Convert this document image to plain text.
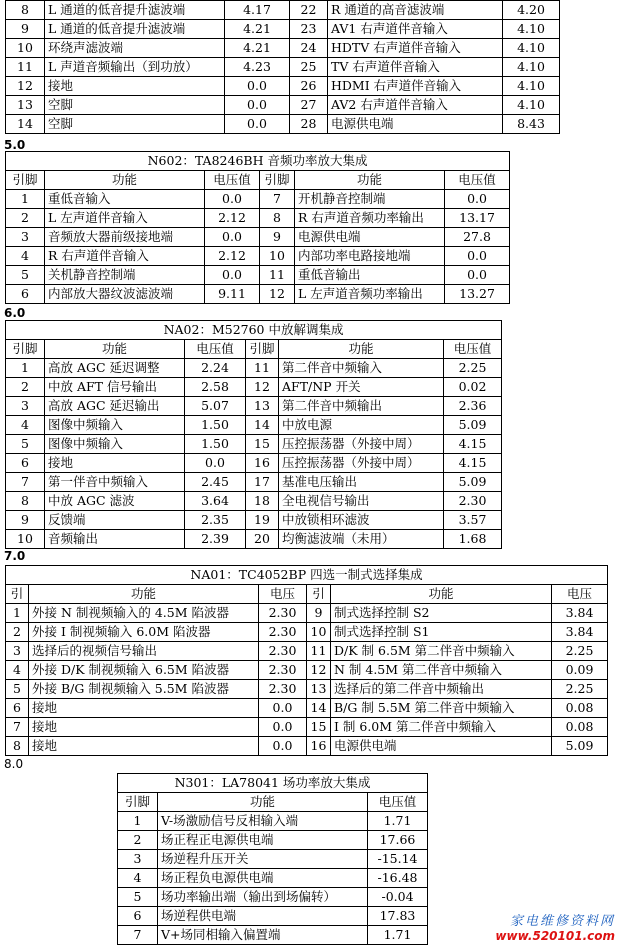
8	L 通道的低音提升滤波端	4.17	22	R 通道的高音滤波端	4.20
9	L 通道的低音提升滤波端	4.21	23	AV1 右声道伴音输入	4.10
10	环绕声滤波端	4.21	24	HDTV 右声道伴音输入	4.10
11	L 声道音频输出（到功放）	4.23	25	TV 右声道伴音输入	4.10
12	接地	0.0	26	HDMI 右声道伴音输入	4.10
13	空脚	0.0	27	AV2 右声道伴音输入	4.10
14	空脚	0.0	28	电源供电端	8.43
5.0
N602：TA8246BH 音频功率放大集成					
引脚	功能	电压值	引脚	功能	电压值
1	重低音输入	0.0	7	开机静音控制端	0.0
2	L 左声道伴音输入	2.12	8	R 右声道音频功率输出	13.17
3	音频放大器前级接地端	0.0	9	电源供电端	27.8
4	R 右声道伴音输入	2.12	10	内部功率电路接地端	0.0
5	关机静音控制端	0.0	11	重低音输出	0.0
6	内部放大器纹波滤波端	9.11	12	L 左声道音频功率输出	13.27
6.0
NA02：M52760 中放解调集成					
引脚	功能	电压值	引脚	功能	电压值
1	高放 AGC 延迟调整	2.24	11	第二伴音中频输入	2.25
2	中放 AFT 信号输出	2.58	12	AFT/NP 开关	0.02
3	高放 AGC 延迟输出	5.07	13	第二伴音中频输出	2.36
4	图像中频输入	1.50	14	中放电源	5.09
5	图像中频输入	1.50	15	压控振荡器（外接中周）	4.15
6	接地	0.0	16	压控振荡器（外接中周）	4.15
7	第一伴音中频输入	2.45	17	基准电压输出	5.09
8	中放 AGC 滤波	3.64	18	全电视信号输出	2.30
9	反馈端	2.35	19	中放锁相环滤波	3.57
10	音频输出	2.39	20	均衡滤波端（未用）	1.68
7.0
NA01：TC4052BP 四选一制式选择集成					
引	功能	电压	引	功能	电压
1	外接 N 制视频输入的 4.5M 陷波器	2.30	9	制式选择控制 S2	3.84
2	外接 I 制视频输入 6.0M 陷波器	2.30	10	制式选择控制 S1	3.84
3	选择后的视频信号输出	2.30	11	D/K 制 6.5M 第二伴音中频输入	2.25
4	外接 D/K 制视频输入 6.5M 陷波器	2.30	12	N 制 4.5M 第二伴音中频输入	0.09
5	外接 B/G 制视频输入 5.5M 陷波器	2.30	13	选择后的第二伴音中频输出	2.25
6	接地	0.0	14	B/G 制 5.5M 第二伴音中频输入	0.08
7	接地	0.0	15	I 制 6.0M 第二伴音中频输入	0.08
8	接地	0.0	16	电源供电端	5.09
8.0
N301：LA78041 场功率放大集成		
引脚	功能	电压值
1	V-场激励信号反相输入端	1.71
2	场正程正电源供电端	17.66
3	场逆程升压开关	-15.14
4	场正程负电源供电端	-16.48
5	场功率输出端（输出到场偏转）	-0.04
6	场逆程供电端	17.83
7	V+场同相输入偏置端	1.71
家电维修资料网
www.520101.com
